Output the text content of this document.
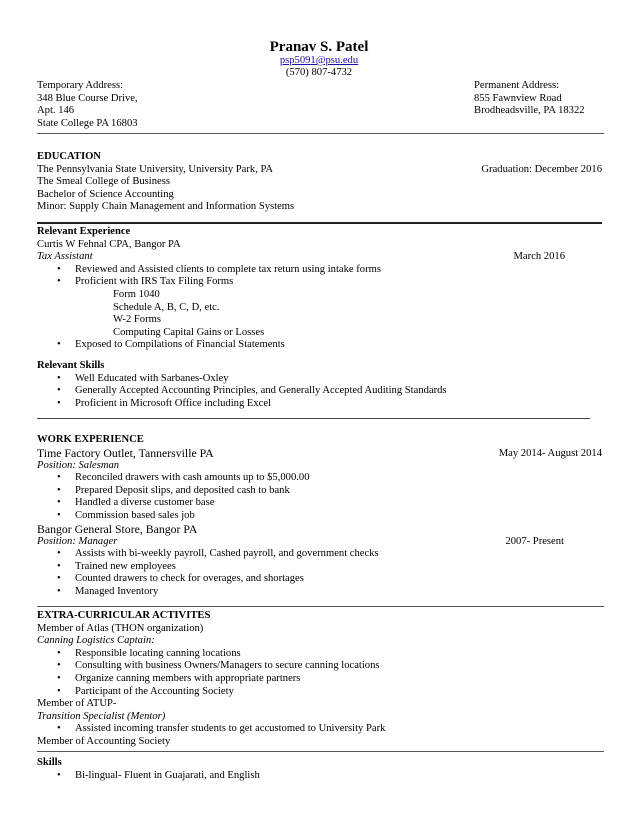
Pranav S. Patel
psp5091@psu.edu
(570) 807-4732
Temporary Address:
348 Blue Course Drive,
Apt. 146
State College PA 16803
Permanent Address:
855 Fawnview Road
Brodheadsville, PA 18322
EDUCATION
The Pennsylvania State University, University Park, PA	Graduation: December 2016
The Smeal College of Business
Bachelor of Science Accounting
Minor: Supply Chain Management and Information Systems
Relevant Experience
Curtis W Fehnal CPA, Bangor PA
Tax Assistant	March 2016
• Reviewed and Assisted clients to complete tax return using intake forms
• Proficient with IRS Tax Filing Forms
Form 1040
Schedule A, B, C, D, etc.
W-2 Forms
Computing Capital Gains or Losses
• Exposed to Compilations of Financial Statements
Relevant Skills
• Well Educated with Sarbanes-Oxley
• Generally Accepted Accounting Principles, and Generally Accepted Auditing Standards
• Proficient in Microsoft Office including Excel
WORK EXPERIENCE
Time Factory Outlet, Tannersville PA	May 2014- August 2014
Position: Salesman
• Reconciled drawers with cash amounts up to $5,000.00
• Prepared Deposit slips, and deposited cash to bank
• Handled a diverse customer base
• Commission based sales job
Bangor General Store, Bangor PA
Position: Manager	2007- Present
• Assists with bi-weekly payroll, Cashed payroll, and government checks
• Trained new employees
• Counted drawers to check for overages, and shortages
• Managed Inventory
EXTRA-CURRICULAR ACTIVITES
Member of Atlas (THON organization)
Canning Logistics Captain:
• Responsible locating canning locations
• Consulting with business Owners/Managers to secure canning locations
• Organize canning members with appropriate partners
• Participant of the Accounting Society
Member of ATUP-
Transition Specialist (Mentor)
• Assisted incoming transfer students to get accustomed to University Park
Member of Accounting Society
Skills
• Bi-lingual- Fluent in Guajarati, and English
